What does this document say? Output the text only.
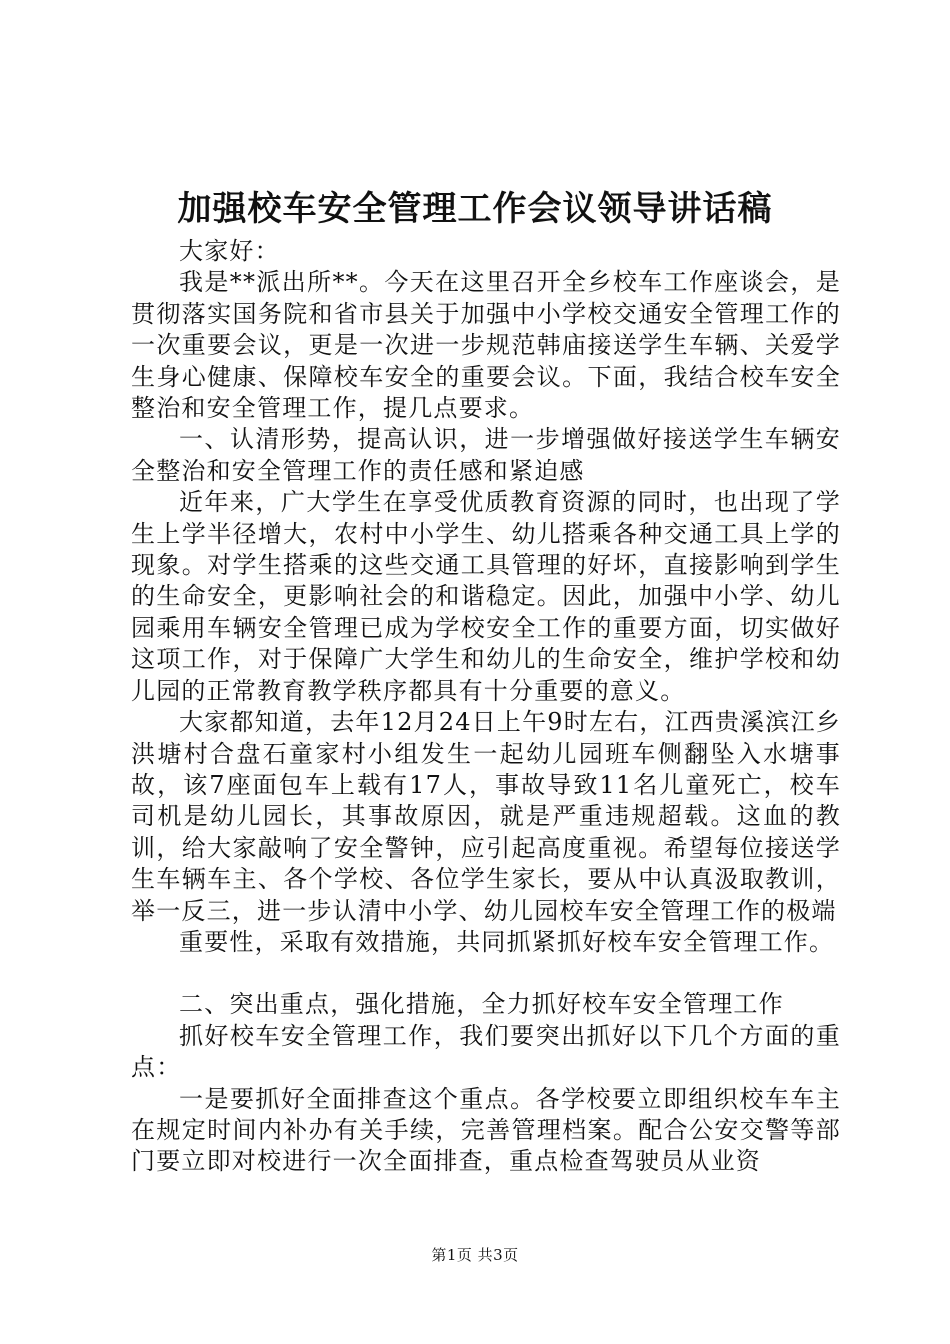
加强校车安全管理工作会议领导讲话稿

大家好：

我是**派出所**。今天在这里召开全乡校车工作座谈会，是贯彻落实国务院和省市县关于加强中小学校交通安全管理工作的一次重要会议，更是一次进一步规范韩庙接送学生车辆、关爱学生身心健康、保障校车安全的重要会议。下面，我结合校车安全整治和安全管理工作，提几点要求。

一、认清形势，提高认识，进一步增强做好接送学生车辆安全整治和安全管理工作的责任感和紧迫感

近年来，广大学生在享受优质教育资源的同时，也出现了学生上学半径增大，农村中小学生、幼儿搭乘各种交通工具上学的现象。对学生搭乘的这些交通工具管理的好坏，直接影响到学生的生命安全，更影响社会的和谐稳定。因此，加强中小学、幼儿园乘用车辆安全管理已成为学校安全工作的重要方面，切实做好这项工作，对于保障广大学生和幼儿的生命安全，维护学校和幼儿园的正常教育教学秩序都具有十分重要的意义。

大家都知道，去年12月24日上午9时左右，江西贵溪滨江乡洪塘村合盘石童家村小组发生一起幼儿园班车侧翻坠入水塘事故，该7座面包车上载有17人，事故导致11名儿童死亡，校车司机是幼儿园长，其事故原因，就是严重违规超载。这血的教训，给大家敲响了安全警钟，应引起高度重视。希望每位接送学生车辆车主、各个学校、各位学生家长，要从中认真汲取教训，举一反三，进一步认清中小学、幼儿园校车安全管理工作的极端

重要性，采取有效措施，共同抓紧抓好校车安全管理工作。

二、突出重点，强化措施，全力抓好校车安全管理工作

抓好校车安全管理工作，我们要突出抓好以下几个方面的重点：

一是要抓好全面排查这个重点。各学校要立即组织校车车主在规定时间内补办有关手续，完善管理档案。配合公安交警等部门要立即对校进行一次全面排查，重点检查驾驶员从业资

第1页 共3页
